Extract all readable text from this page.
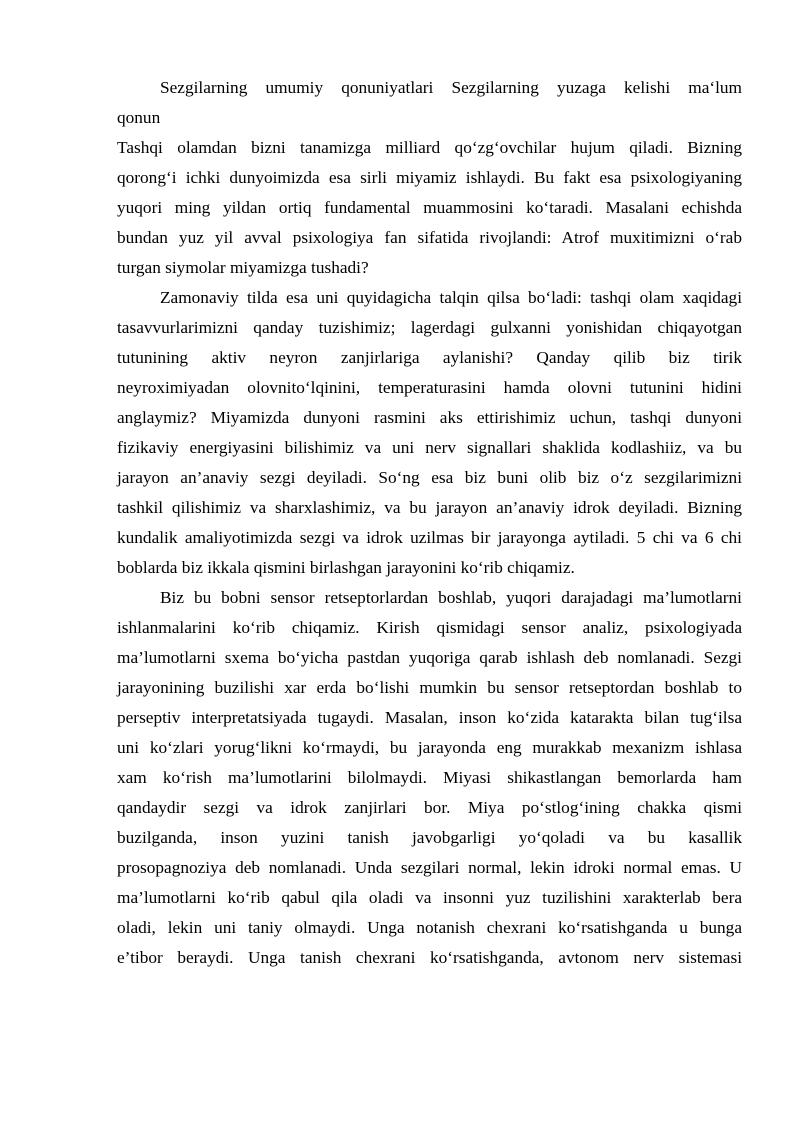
Sezgilarning umumiy qonuniyatlari Sezgilarning yuzaga kelishi ma‘lum
qonun
Tashqi olamdan bizni tanamizga milliard qo‘zg‘ovchilar hujum qiladi. Bizning
qorong‘i ichki dunyoimizda esa sirli miyamiz ishlaydi. Bu fakt esa psixologiyaning
yuqori ming yildan ortiq fundamental muammosini ko‘taradi. Masalani echishda
bundan yuz yil avval psixologiya fan sifatida rivojlandi: Atrof muxitimizni o‘rab
turgan siymolar miyamizga tushadi?
Zamonaviy tilda esa uni quyidagicha talqin qilsa bo‘ladi: tashqi olam xaqidagi
tasavvurlarimizni qanday tuzishimiz; lagerdagi gulxanni yonishidan chiqayotgan
tutunining aktiv neyron zanjirlariga aylanishi? Qanday qilib biz tirik
neyroximiyadan olovnito‘lqinini, temperaturasini hamda olovni tutunini hidini
anglaymiz? Miyamizda dunyoni rasmini aks ettirishimiz uchun, tashqi dunyoni
fizikaviy energiyasini bilishimiz va uni nerv signallari shaklida kodlashiiz, va bu
jarayon an’anaviy sezgi deyiladi. So‘ng esa biz buni olib biz o‘z sezgilarimizni
tashkil qilishimiz va sharxlashimiz, va bu jarayon an’anaviy idrok deyiladi. Bizning
kundalik amaliyotimizda sezgi va idrok uzilmas bir jarayonga aytiladi. 5 chi va 6 chi
boblarda biz ikkala qismini birlashgan jarayonini ko‘rib chiqamiz.
Biz bu bobni sensor retseptorlardan boshlab, yuqori darajadagi ma’lumotlarni
ishlanmalarini ko‘rib chiqamiz. Kirish qismidagi sensor analiz, psixologiyada
ma’lumotlarni sxema bo‘yicha pastdan yuqoriga qarab ishlash deb nomlanadi. Sezgi
jarayonining buzilishi xar erda bo‘lishi mumkin bu sensor retseptordan boshlab to
perseptiv interpretatsiyada tugaydi. Masalan, inson ko‘zida katarakta bilan tug‘ilsa
uni ko‘zlari yorug‘likni ko‘rmaydi, bu jarayonda eng murakkab mexanizm ishlasa
xam ko‘rish ma’lumotlarini bilolmaydi. Miyasi shikastlangan bemorlarda ham
qandaydir sezgi va idrok zanjirlari bor. Miya po‘stlog‘ining chakka qismi
buzilganda, inson yuzini tanish javobgarligi yo‘qoladi va bu kasallik
prosopagnoziya deb nomlanadi. Unda sezgilari normal, lekin idroki normal emas. U
ma’lumotlarni ko‘rib qabul qila oladi va insonni yuz tuzilishini xarakterlab bera
oladi, lekin uni taniy olmaydi. Unga notanish chexrani ko‘rsatishganda u bunga
e’tibor beraydi. Unga tanish chexrani ko‘rsatishganda, avtonom nerv sistemasi
